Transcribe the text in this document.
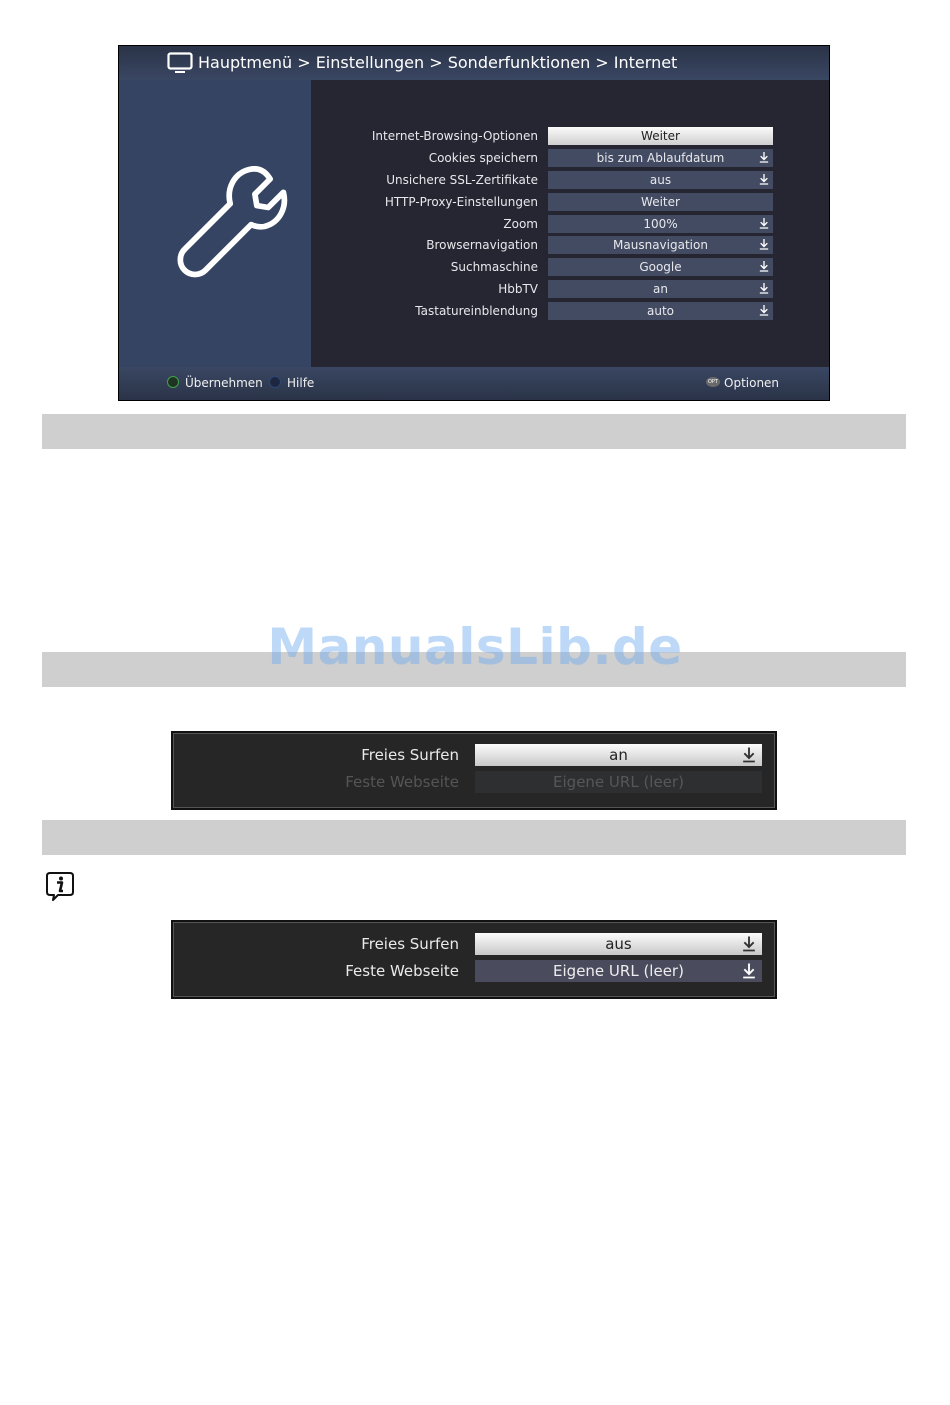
Hauptmenü > Einstellungen > Sonderfunktionen > Internet
Internet-Browsing-Optionen	Weiter
Cookies speichern	bis zum Ablaufdatum
Unsichere SSL-Zertifikate	aus
HTTP-Proxy-Einstellungen	Weiter
Zoom	100%
Browsernavigation	Mausnavigation
Suchmaschine	Google
HbbTV	an
Tastatureinblendung	auto
Übernehmen Hilfe	OPT Optionen
ManualsLib.de
Freies Surfen	an
Feste Webseite	Eigene URL (leer)
Freies Surfen	aus
Feste Webseite	Eigene URL (leer)
